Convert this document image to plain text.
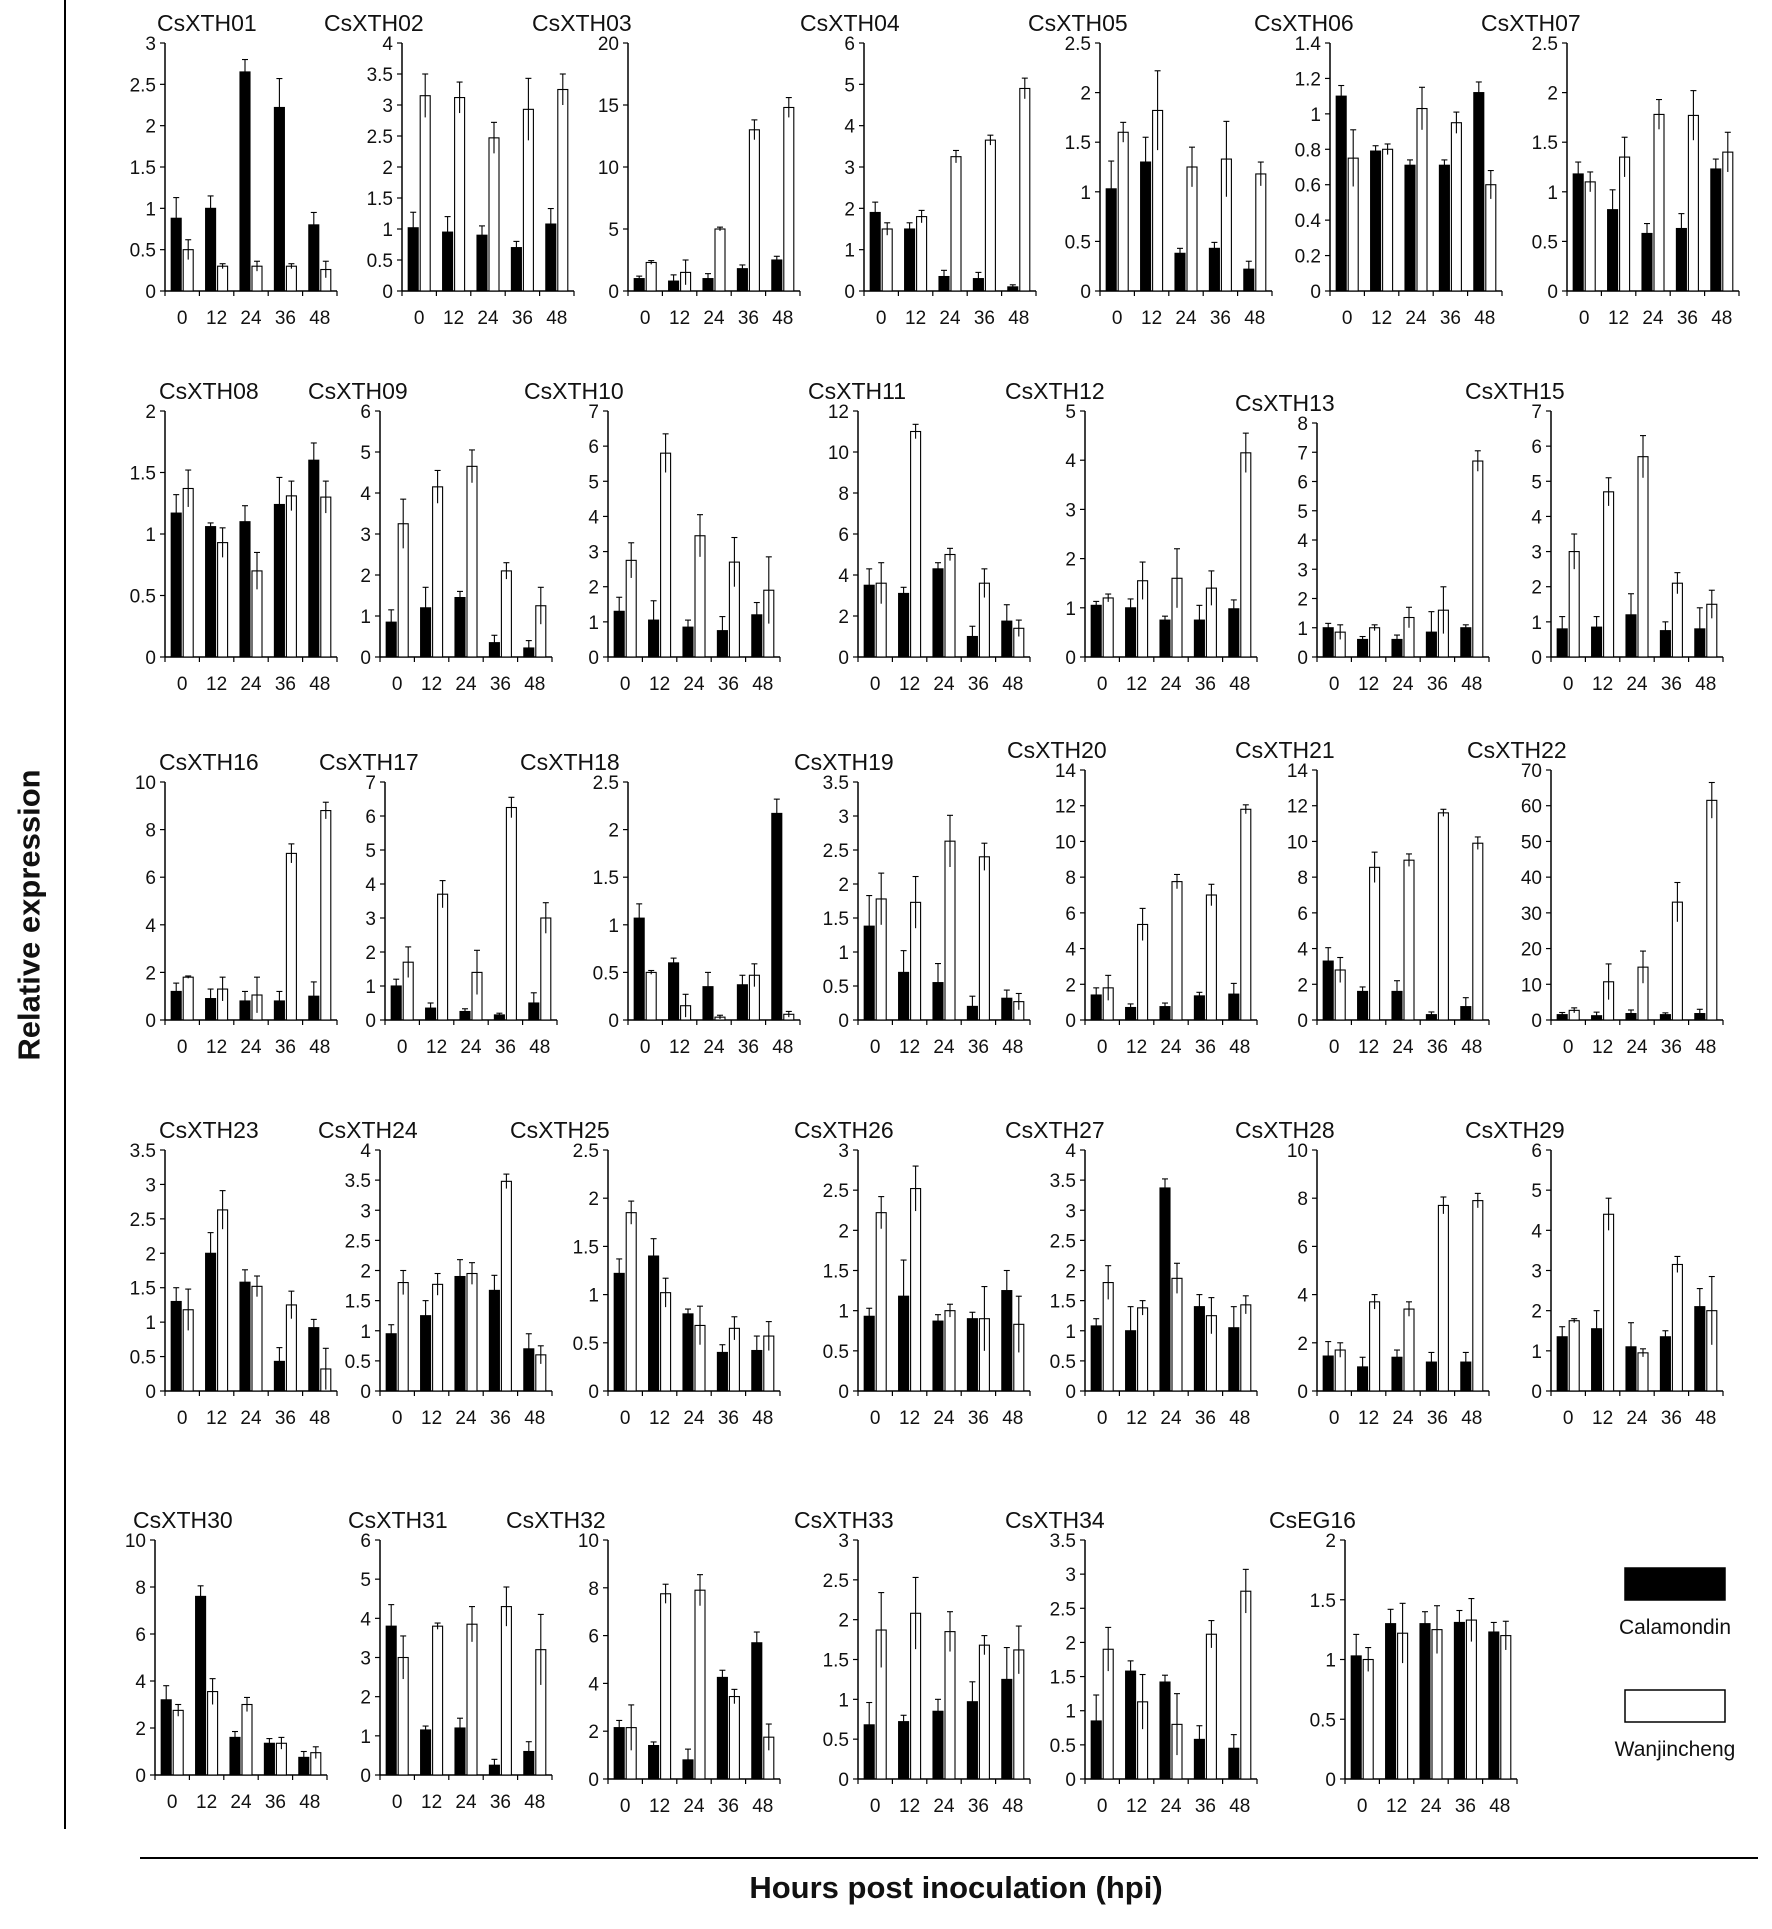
Relative expression
Hours post inoculation (hpi)
CsXTH01
0
0.5
1
1.5
2
2.5
3
0 12 24 36 48
CsXTH02
0
0.5
1
1.5
2
2.5
3
3.5
4
0 12 24 36 48
CsXTH03
0
5
10
15
20
0 12 24 36 48
CsXTH04
0
1
2
3
4
5
6
0 12 24 36 48
CsXTH05
0
0.5
1
1.5
2
2.5
0 12 24 36 48
CsXTH06
0
0.2
0.4
0.6
0.8
1
1.2
1.4
0 12 24 36 48
CsXTH07
0
0.5
1
1.5
2
2.5
0 12 24 36 48
CsXTH08
0
0.5
1
1.5
2
0 12 24 36 48
CsXTH09
0
1
2
3
4
5
6
0 12 24 36 48
CsXTH10
0
1
2
3
4
5
6
7
0 12 24 36 48
CsXTH11
0
2
4
6
8
10
12
0 12 24 36 48
CsXTH12
0
1
2
3
4
5
0 12 24 36 48
CsXTH13
0
1
2
3
4
5
6
7
8
0 12 24 36 48
CsXTH15
0
1
2
3
4
5
6
7
0 12 24 36 48
CsXTH16
0
2
4
6
8
10
0 12 24 36 48
CsXTH17
0
1
2
3
4
5
6
7
0 12 24 36 48
CsXTH18
0
0.5
1
1.5
2
2.5
0 12 24 36 48
CsXTH19
0
0.5
1
1.5
2
2.5
3
3.5
0 12 24 36 48
CsXTH20
0
2
4
6
8
10
12
14
0 12 24 36 48
CsXTH21
0
2
4
6
8
10
12
14
0 12 24 36 48
CsXTH22
0
10
20
30
40
50
60
70
0 12 24 36 48
CsXTH23
0
0.5
1
1.5
2
2.5
3
3.5
0 12 24 36 48
CsXTH24
0
0.5
1
1.5
2
2.5
3
3.5
4
0 12 24 36 48
CsXTH25
0
0.5
1
1.5
2
2.5
0 12 24 36 48
CsXTH26
0
0.5
1
1.5
2
2.5
3
0 12 24 36 48
CsXTH27
0
0.5
1
1.5
2
2.5
3
3.5
4
0 12 24 36 48
CsXTH28
0
2
4
6
8
10
0 12 24 36 48
CsXTH29
0
1
2
3
4
5
6
0 12 24 36 48
CsXTH30
0
2
4
6
8
10
0 12 24 36 48
CsXTH31
0
1
2
3
4
5
6
0 12 24 36 48
CsXTH32
0
2
4
6
8
10
0 12 24 36 48
CsXTH33
0
0.5
1
1.5
2
2.5
3
0 12 24 36 48
CsXTH34
0
0.5
1
1.5
2
2.5
3
3.5
0 12 24 36 48
CsEG16
0
0.5
1
1.5
2
0 12 24 36 48
Calamondin
Wanjincheng
